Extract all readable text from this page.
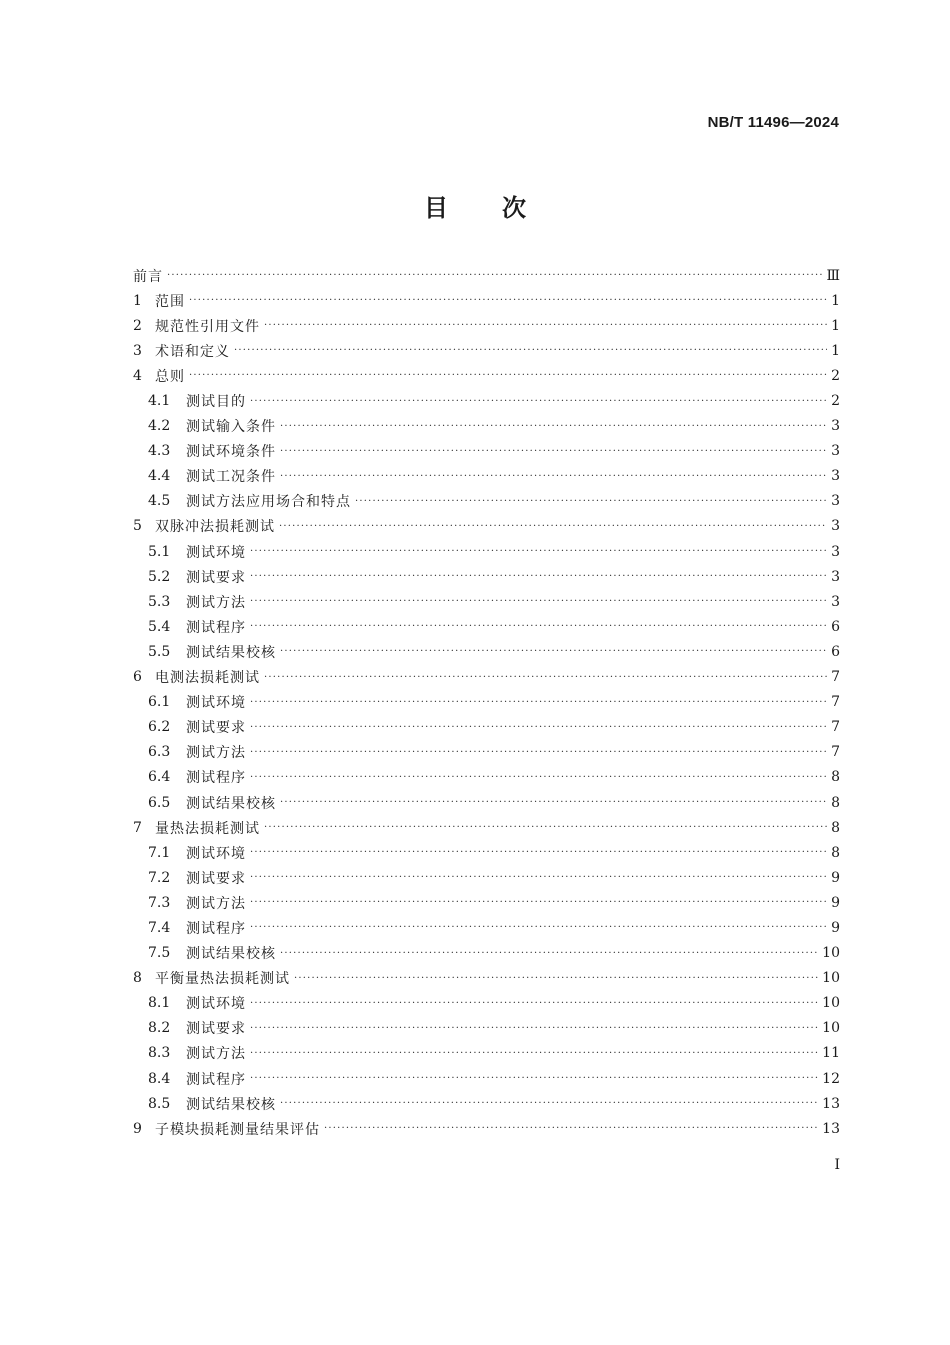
NB/T 11496—2024
目 次
前言 ·····	Ⅲ
1 范围 ·····	1
2 规范性引用文件 ·····	1
3 术语和定义 ·····	1
4 总则 ·····	2
4.1	测试目的 ·····	2
4.2	测试输入条件 ·····	3
4.3	测试环境条件 ·····	3
4.4	测试工况条件 ·····	3
4.5	测试方法应用场合和特点 ·····	3
5 双脉冲法损耗测试 ·····	3
5.1	测试环境 ·····	3
5.2	测试要求 ·····	3
5.3	测试方法 ·····	3
5.4	测试程序 ·····	6
5.5	测试结果校核 ·····	6
6 电测法损耗测试 ·····	7
6.1	测试环境 ·····	7
6.2	测试要求 ·····	7
6.3	测试方法 ·····	7
6.4	测试程序 ·····	8
6.5	测试结果校核 ·····	8
7 量热法损耗测试 ·····	8
7.1	测试环境 ·····	8
7.2	测试要求 ·····	9
7.3	测试方法 ·····	9
7.4	测试程序 ·····	9
7.5	测试结果校核 ·····	10
8 平衡量热法损耗测试 ·····	10
8.1	测试环境 ·····	10
8.2	测试要求 ·····	10
8.3	测试方法 ·····	11
8.4	测试程序 ·····	12
8.5	测试结果校核 ·····	13
9 子模块损耗测量结果评估 ·····	13
I
